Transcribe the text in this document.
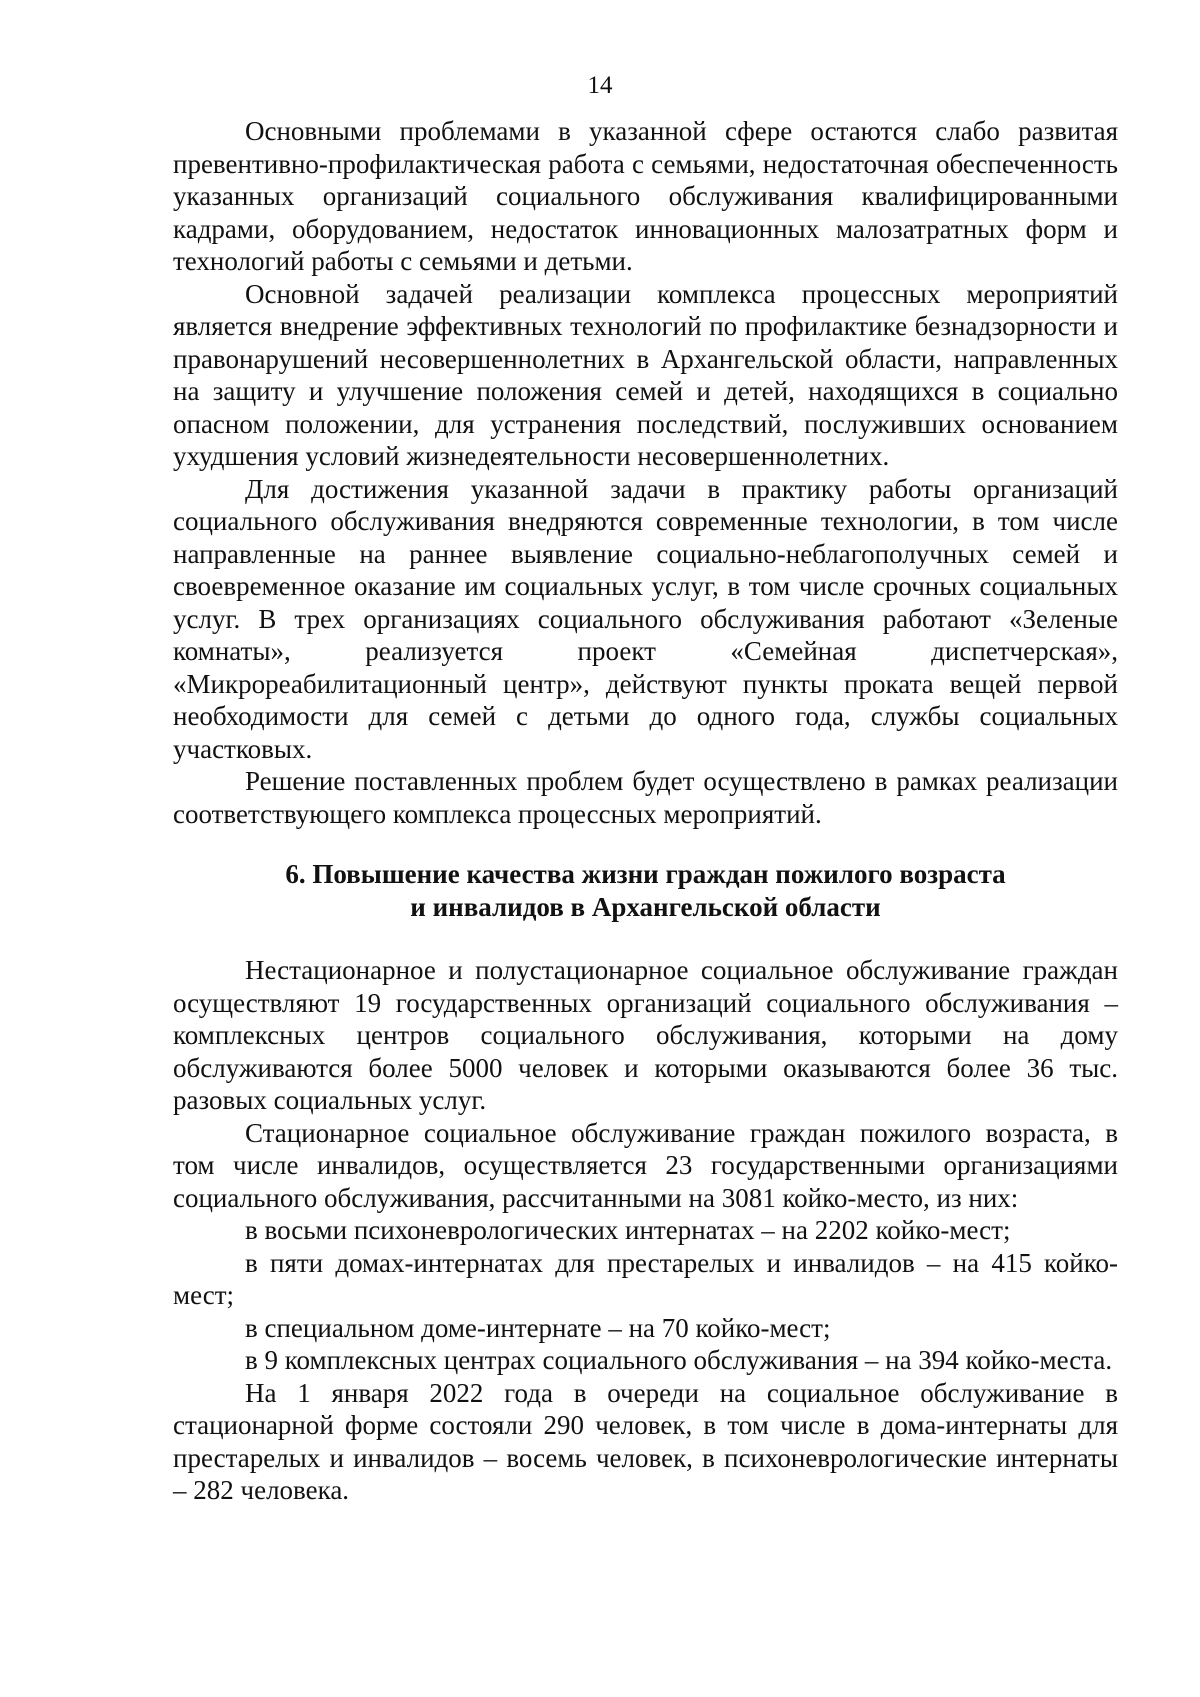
14

Основными проблемами в указанной сфере остаются слабо развитая превентивно-профилактическая работа с семьями, недостаточная обеспеченность указанных организаций социального обслуживания квалифицированными кадрами, оборудованием, недостаток инновационных малозатратных форм и технологий работы с семьями и детьми.

Основной задачей реализации комплекса процессных мероприятий является внедрение эффективных технологий по профилактике безнадзорности и правонарушений несовершеннолетних в Архангельской области, направленных на защиту и улучшение положения семей и детей, находящихся в социально опасном положении, для устранения последствий, послуживших основанием ухудшения условий жизнедеятельности несовершеннолетних.

Для достижения указанной задачи в практику работы организаций социального обслуживания внедряются современные технологии, в том числе направленные на раннее выявление социально-неблагополучных семей и своевременное оказание им социальных услуг, в том числе срочных социальных услуг. В трех организациях социального обслуживания работают «Зеленые комнаты», реализуется проект «Семейная диспетчерская», «Микрореабилитационный центр», действуют пункты проката вещей первой необходимости для семей с детьми до одного года, службы социальных участковых.

Решение поставленных проблем будет осуществлено в рамках реализации соответствующего комплекса процессных мероприятий.

6. Повышение качества жизни граждан пожилого возраста
и инвалидов в Архангельской области

Нестационарное и полустационарное социальное обслуживание граждан осуществляют 19 государственных организаций социального обслуживания – комплексных центров социального обслуживания, которыми на дому обслуживаются более 5000 человек и которыми оказываются более 36 тыс. разовых социальных услуг.

Стационарное социальное обслуживание граждан пожилого возраста, в том числе инвалидов, осуществляется 23 государственными организациями социального обслуживания, рассчитанными на 3081 койко-место, из них:

в восьми психоневрологических интернатах – на 2202 койко-мест;

в пяти домах-интернатах для престарелых и инвалидов – на 415 койко-мест;

в специальном доме-интернате – на 70 койко-мест;

в 9 комплексных центрах социального обслуживания – на 394 койко-места.

На 1 января 2022 года в очереди на социальное обслуживание в стационарной форме состояли 290 человек, в том числе в дома-интернаты для престарелых и инвалидов – восемь человек, в психоневрологические интернаты – 282 человека.
